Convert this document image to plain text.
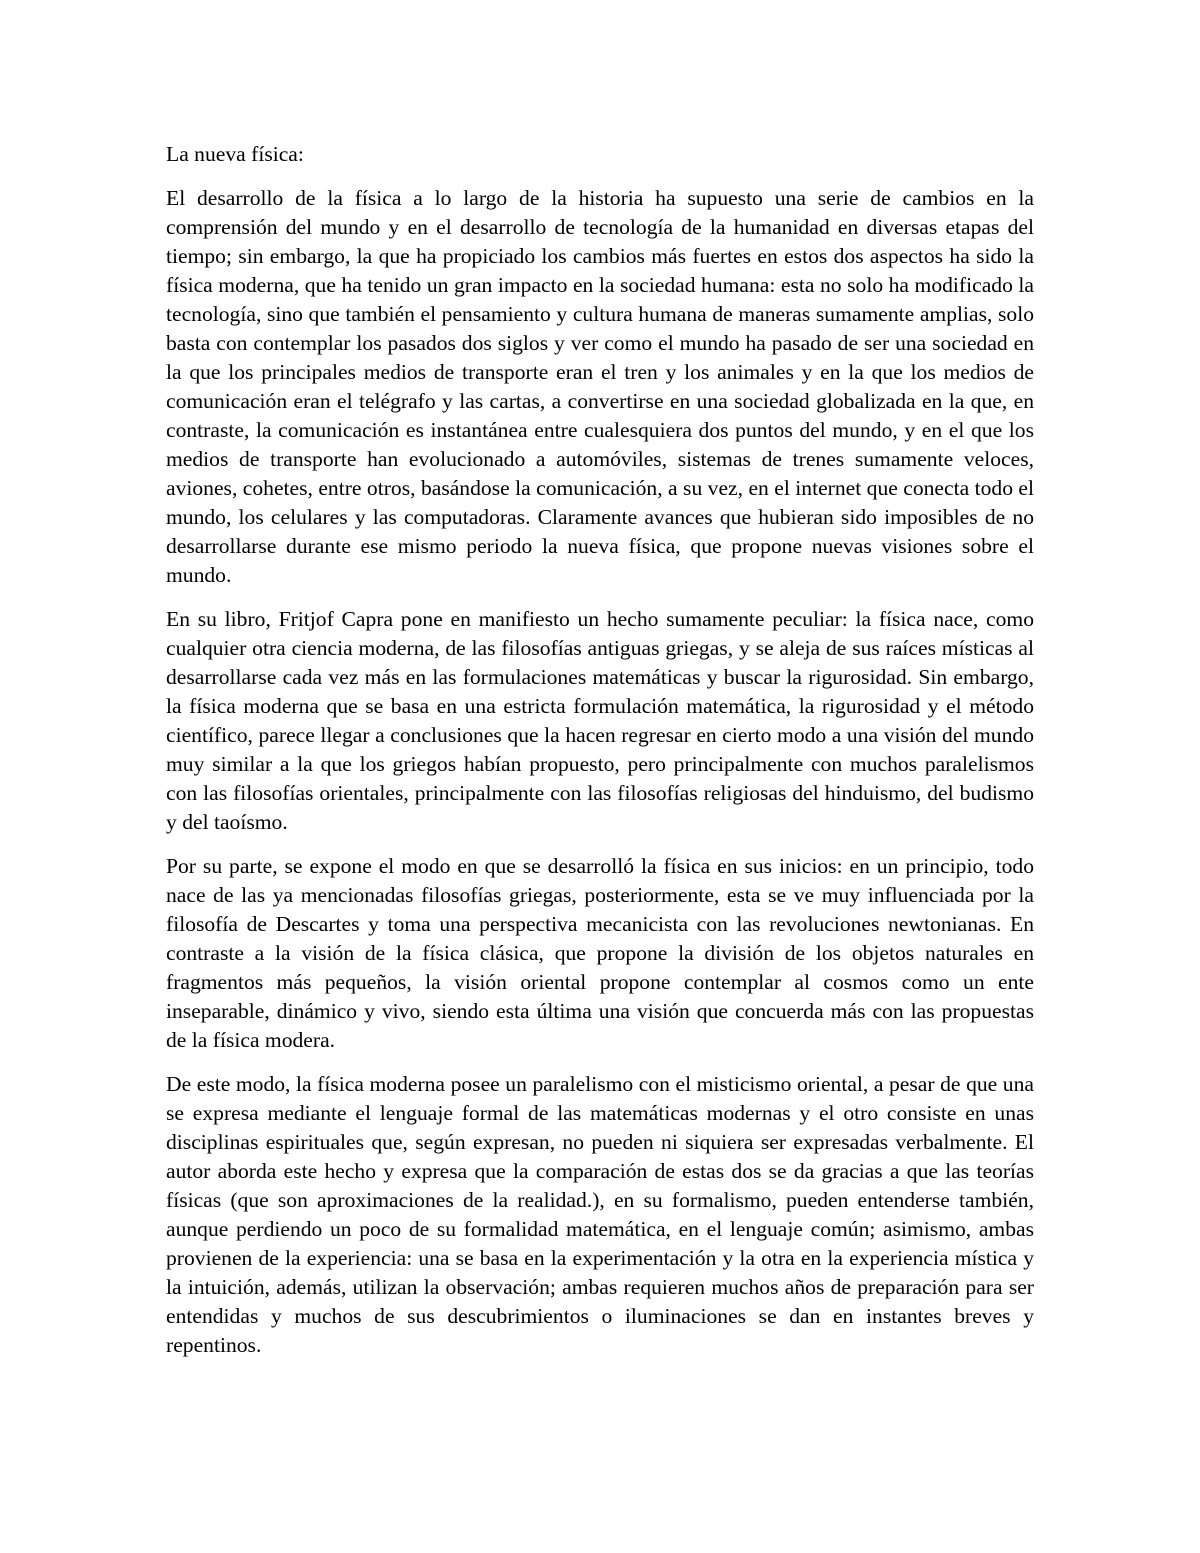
La nueva física:

El desarrollo de la física a lo largo de la historia ha supuesto una serie de cambios en la comprensión del mundo y en el desarrollo de tecnología de la humanidad en diversas etapas del tiempo; sin embargo, la que ha propiciado los cambios más fuertes en estos dos aspectos ha sido la física moderna, que ha tenido un gran impacto en la sociedad humana: esta no solo ha modificado la tecnología, sino que también el pensamiento y cultura humana de maneras sumamente amplias, solo basta con contemplar los pasados dos siglos y ver como el mundo ha pasado de ser una sociedad en la que los principales medios de transporte eran el tren y los animales y en la que los medios de comunicación eran el telégrafo y las cartas, a convertirse en una sociedad globalizada en la que, en contraste, la comunicación es instantánea entre cualesquiera dos puntos del mundo, y en el que los medios de transporte han evolucionado a automóviles, sistemas de trenes sumamente veloces, aviones, cohetes, entre otros, basándose la comunicación, a su vez, en el internet que conecta todo el mundo, los celulares y las computadoras. Claramente avances que hubieran sido imposibles de no desarrollarse durante ese mismo periodo la nueva física, que propone nuevas visiones sobre el mundo.

En su libro, Fritjof Capra pone en manifiesto un hecho sumamente peculiar: la física nace, como cualquier otra ciencia moderna, de las filosofías antiguas griegas, y se aleja de sus raíces místicas al desarrollarse cada vez más en las formulaciones matemáticas y buscar la rigurosidad. Sin embargo, la física moderna que se basa en una estricta formulación matemática, la rigurosidad y el método científico, parece llegar a conclusiones que la hacen regresar en cierto modo a una visión del mundo muy similar a la que los griegos habían propuesto, pero principalmente con muchos paralelismos con las filosofías orientales, principalmente con las filosofías religiosas del hinduismo, del budismo y del taoísmo.

Por su parte, se expone el modo en que se desarrolló la física en sus inicios: en un principio, todo nace de las ya mencionadas filosofías griegas, posteriormente, esta se ve muy influenciada por la filosofía de Descartes y toma una perspectiva mecanicista con las revoluciones newtonianas. En contraste a la visión de la física clásica, que propone la división de los objetos naturales en fragmentos más pequeños, la visión oriental propone contemplar al cosmos como un ente inseparable, dinámico y vivo, siendo esta última una visión que concuerda más con las propuestas de la física modera.

De este modo, la física moderna posee un paralelismo con el misticismo oriental, a pesar de que una se expresa mediante el lenguaje formal de las matemáticas modernas y el otro consiste en unas disciplinas espirituales que, según expresan, no pueden ni siquiera ser expresadas verbalmente. El autor aborda este hecho y expresa que la comparación de estas dos se da gracias a que las teorías físicas (que son aproximaciones de la realidad.), en su formalismo, pueden entenderse también, aunque perdiendo un poco de su formalidad matemática, en el lenguaje común; asimismo, ambas provienen de la experiencia: una se basa en la experimentación y la otra en la experiencia mística y la intuición, además, utilizan la observación; ambas requieren muchos años de preparación para ser entendidas y muchos de sus descubrimientos o iluminaciones se dan en instantes breves y repentinos.
